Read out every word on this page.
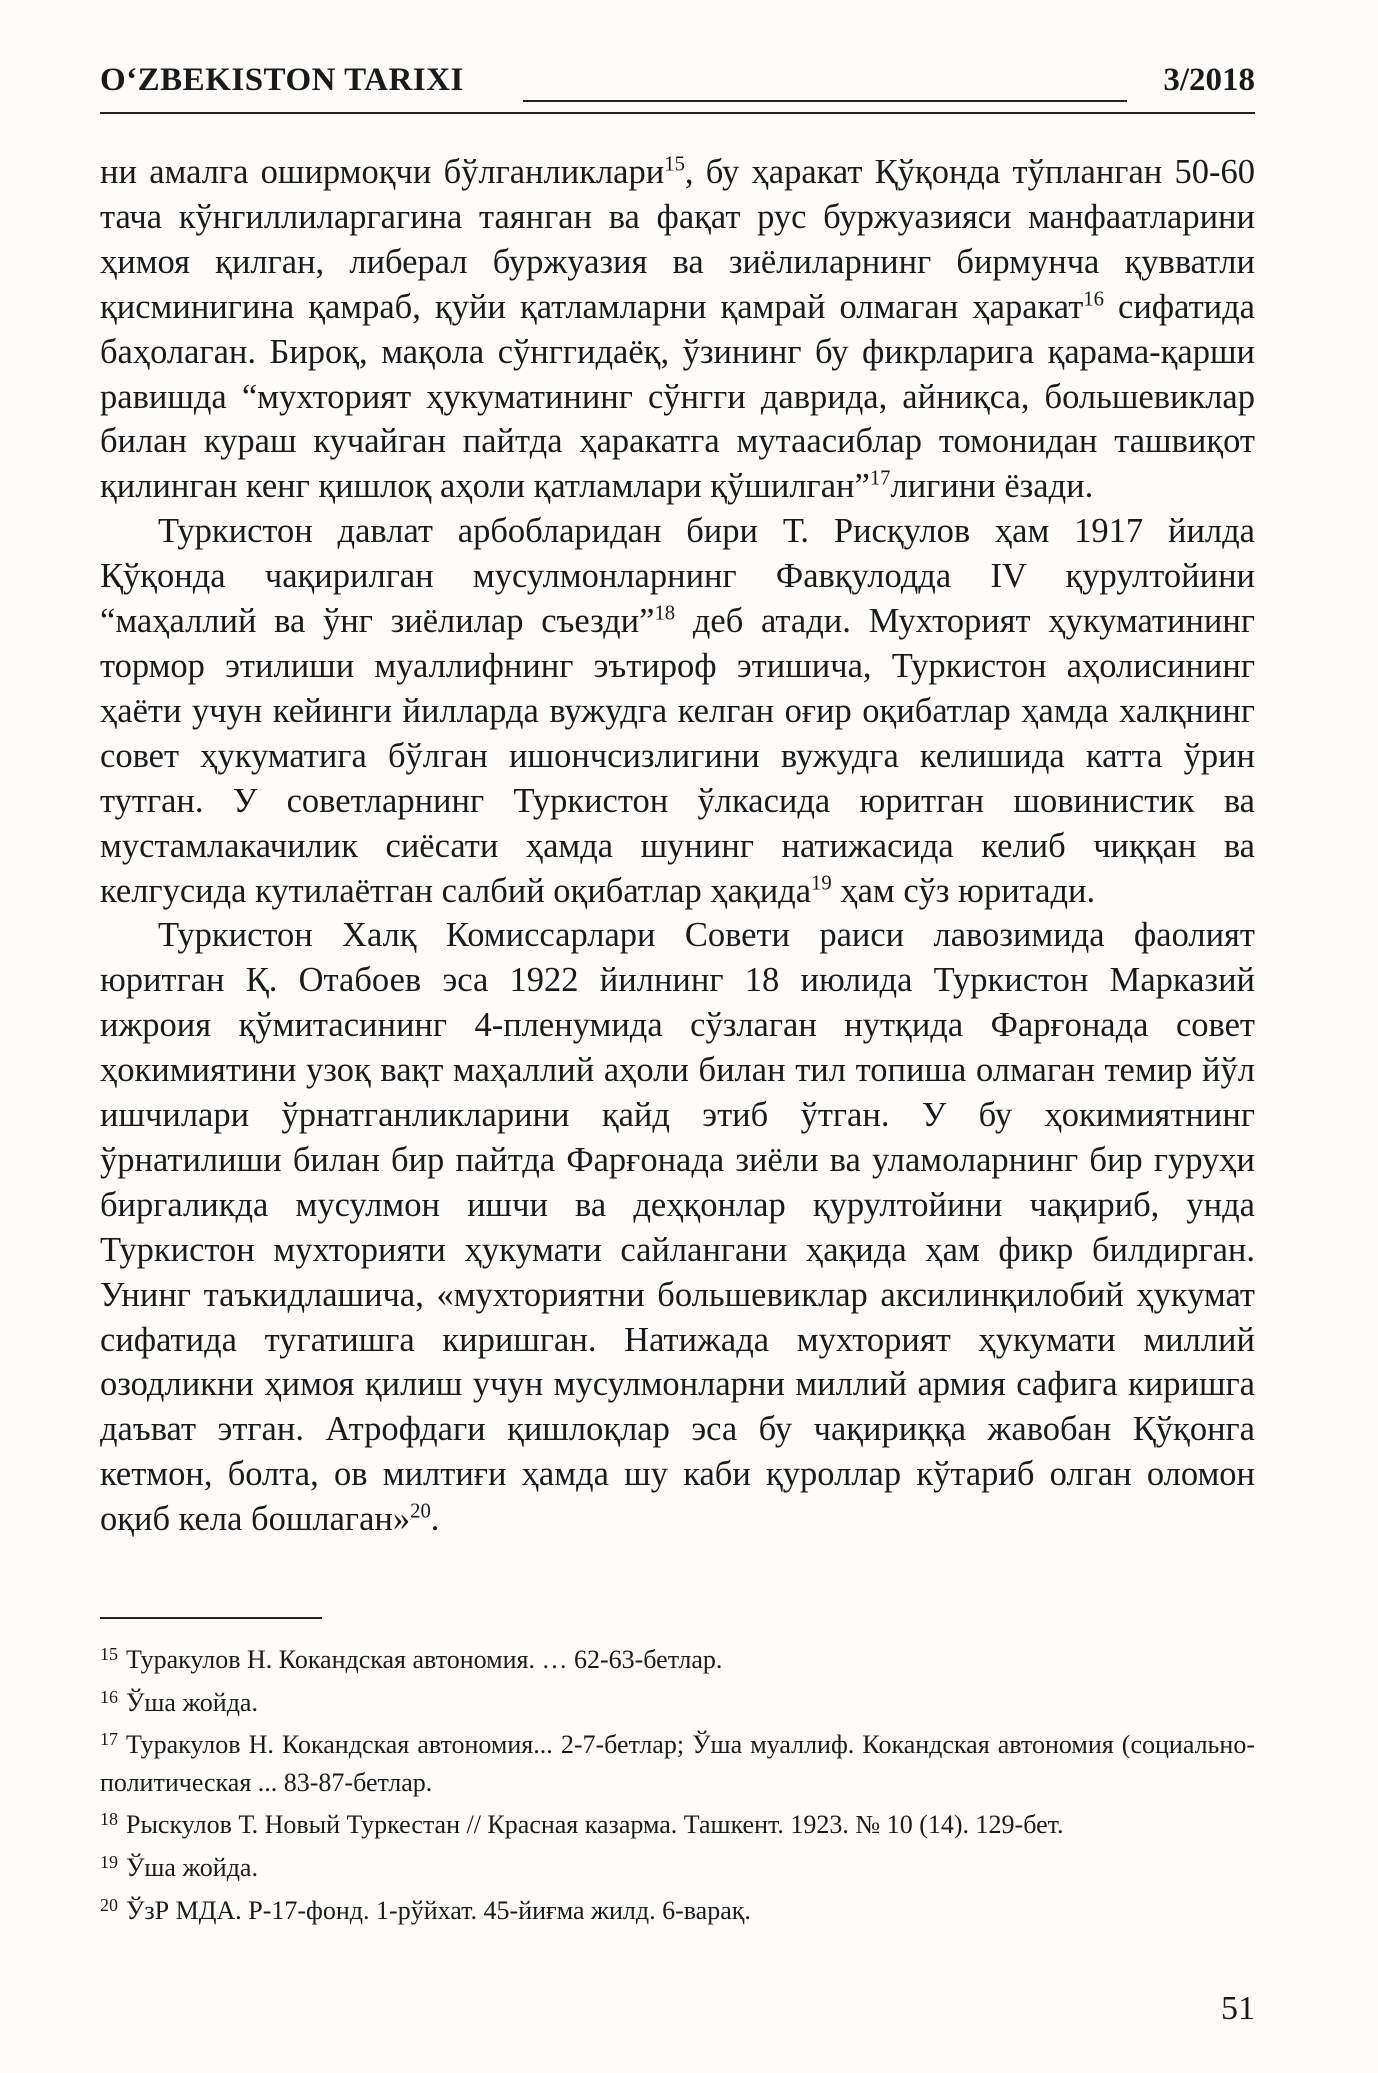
O‘ZBEKISTON TARIXI	3/2018

ни амалга оширмоқчи бўлганликлари$^{15}$, бу ҳаракат Қўқонда тўпланган 50-60 тача кўнгиллиларгагина таянган ва фақат рус буржуазияси манфаатларини ҳимоя қилган, либерал буржуазия ва зиёлиларнинг бирмунча қувватли қисминигина қамраб, қуйи қатламларни қамрай олмаган ҳаракат$^{16}$ сифатида баҳолаган. Бироқ, мақола сўнггидаёқ, ўзининг бу фикрларига қарама-қарши равишда “мухторият ҳукуматининг сўнгги даврида, айниқса, большевиклар билан кураш кучайган пайтда ҳаракатга мутаасиблар томонидан ташвиқот қилинган кенг қишлоқ аҳоли қатламлари қўшилган”$^{17}$лигини ёзади.

Туркистон давлат арбобларидан бири Т. Рисқулов ҳам 1917 йилда Қўқонда чақирилган мусулмонларнинг Фавқулодда IV қурултойини “маҳаллий ва ўнг зиёлилар съезди”$^{18}$ деб атади. Мухторият ҳукуматининг тормор этилиши муаллифнинг эътироф этишича, Туркистон аҳолисининг ҳаёти учун кейинги йилларда вужудга келган оғир оқибатлар ҳамда халқнинг совет ҳукуматига бўлган ишончсизлигини вужудга келишида катта ўрин тутган. У советларнинг Туркистон ўлкасида юритган шовинистик ва мустамлакачилик сиёсати ҳамда шунинг натижасида келиб чиққан ва келгусида кутилаётган салбий оқибатлар ҳақида$^{19}$ ҳам сўз юритади.

Туркистон Халқ Комиссарлари Совети раиси лавозимида фаолият юритган Қ. Отабоев эса 1922 йилнинг 18 июлида Туркистон Марказий ижроия қўмитасининг 4-пленумида сўзлаган нутқида Фарғонада совет ҳокимиятини узоқ вақт маҳаллий аҳоли билан тил топиша олмаган темир йўл ишчилари ўрнатганликларини қайд этиб ўтган. У бу ҳокимиятнинг ўрнатилиши билан бир пайтда Фарғонада зиёли ва уламоларнинг бир гуруҳи биргаликда мусулмон ишчи ва деҳқонлар қурултойини чақириб, унда Туркистон мухторияти ҳукумати сайлангани ҳақида ҳам фикр билдирган. Унинг таъкидлашича, «мухториятни большевиклар аксилинқилобий ҳукумат сифатида тугатишга киришган. Натижада мухторият ҳукумати миллий озодликни ҳимоя қилиш учун мусулмонларни миллий армия сафига киришга даъват этган. Атрофдаги қишлоқлар эса бу чақириққа жавобан Қўқонга кетмон, болта, ов милтиғи ҳамда шу каби қуроллар кўтариб олган оломон оқиб кела бошлаган»$^{20}$.

$^{15}$ Туракулов Н. Кокандская автономия. … 62-63-бетлар.

$^{16}$ Ўша жойда.

$^{17}$ Туракулов Н. Кокандская автономия... 2-7-бетлар; Ўша муаллиф. Кокандская автономия (социально-политическая ... 83-87-бетлар.

$^{18}$ Рыскулов Т. Новый Туркестан // Красная казарма. Ташкент. 1923. № 10 (14). 129-бет.

$^{19}$ Ўша жойда.

$^{20}$ ЎзР МДА. Р-17-фонд. 1-рўйхат. 45-йиғма жилд. 6-варақ.

51
